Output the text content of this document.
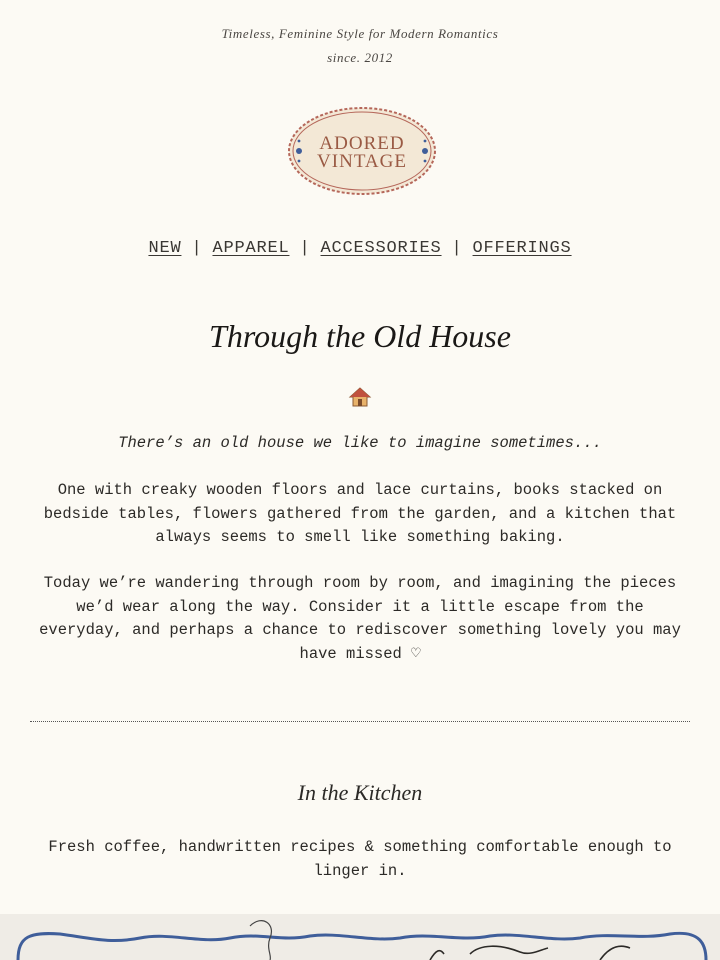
Timeless, Feminine Style for Modern Romantics
since. 2012
ADORED
VINTAGE
NEW | APPAREL | ACCESSORIES | OFFERINGS
Through the Old House
There’s an old house we like to imagine sometimes...
One with creaky wooden floors and lace curtains, books stacked on bedside tables, flowers gathered from the garden, and a kitchen that always seems to smell like something baking.
Today we’re wandering through room by room, and imagining the pieces we’d wear along the way. Consider it a little escape from the everyday, and perhaps a chance to rediscover something lovely you may have missed ♡
In the Kitchen
Fresh coffee, handwritten recipes & something comfortable enough to linger in.
